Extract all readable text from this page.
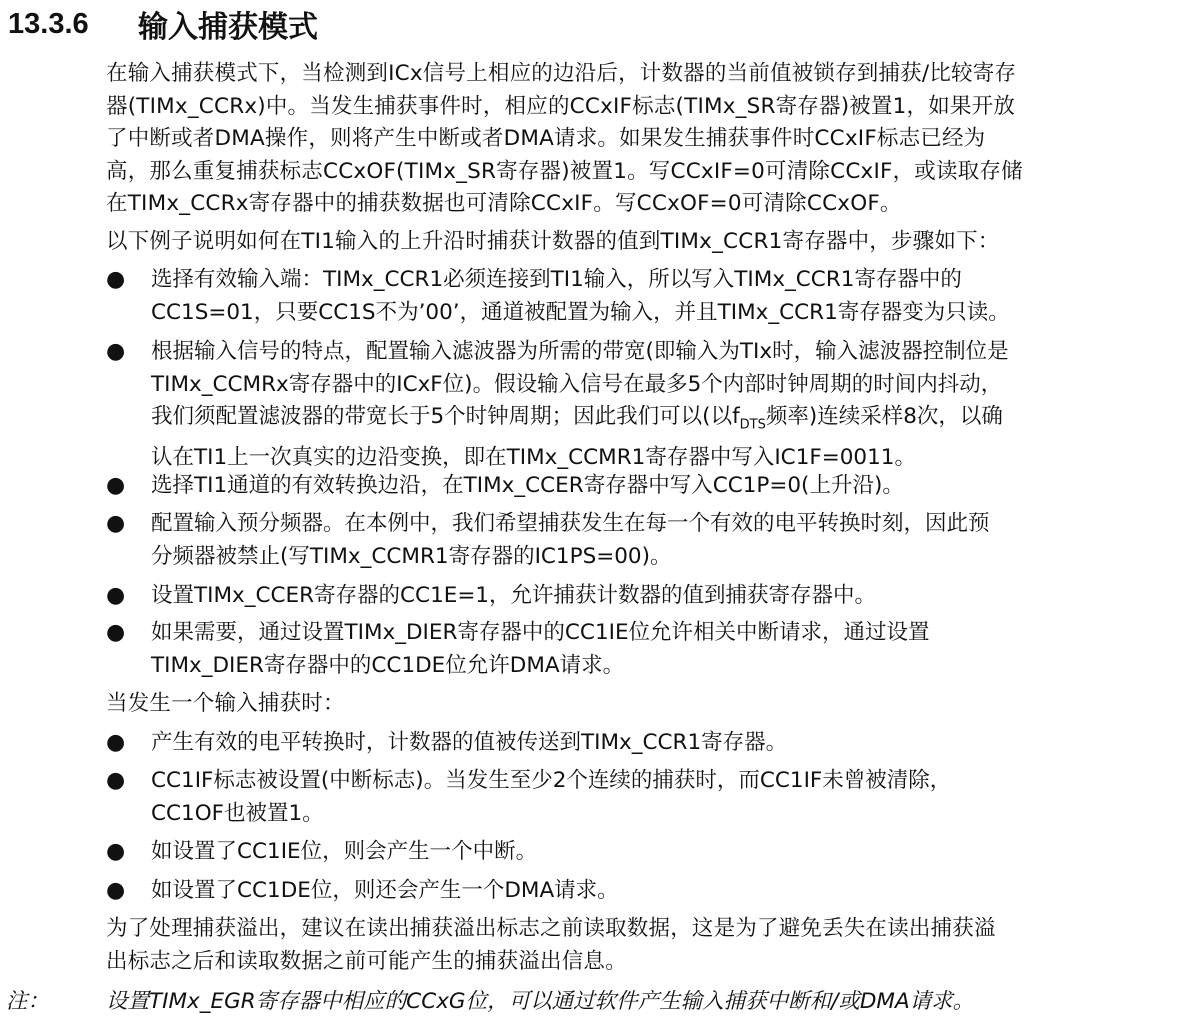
13.3.6	输入捕获模式
在输入捕获模式下，当检测到ICx信号上相应的边沿后，计数器的当前值被锁存到捕获/比较寄存
器(TIMx_CCRx)中。当发生捕获事件时，相应的CCxIF标志(TIMx_SR寄存器)被置1，如果开放
了中断或者DMA操作，则将产生中断或者DMA请求。如果发生捕获事件时CCxIF标志已经为
高，那么重复捕获标志CCxOF(TIMx_SR寄存器)被置1。写CCxIF=0可清除CCxIF，或读取存储
在TIMx_CCRx寄存器中的捕获数据也可清除CCxIF。写CCxOF=0可清除CCxOF。
以下例子说明如何在TI1输入的上升沿时捕获计数器的值到TIMx_CCR1寄存器中，步骤如下：
●	选择有效输入端：TIMx_CCR1必须连接到TI1输入，所以写入TIMx_CCR1寄存器中的
CC1S=01，只要CC1S不为’00’，通道被配置为输入，并且TIMx_CCR1寄存器变为只读。
●	根据输入信号的特点，配置输入滤波器为所需的带宽(即输入为TIx时，输入滤波器控制位是
TIMx_CCMRx寄存器中的ICxF位)。假设输入信号在最多5个内部时钟周期的时间内抖动，
我们须配置滤波器的带宽长于5个时钟周期；因此我们可以(以$f_{DTS}$频率)连续采样8次，以确
认在TI1上一次真实的边沿变换，即在TIMx_CCMR1寄存器中写入IC1F=0011。
●	选择TI1通道的有效转换边沿，在TIMx_CCER寄存器中写入CC1P=0(上升沿)。
●	配置输入预分频器。在本例中，我们希望捕获发生在每一个有效的电平转换时刻，因此预
分频器被禁止(写TIMx_CCMR1寄存器的IC1PS=00)。
●	设置TIMx_CCER寄存器的CC1E=1，允许捕获计数器的值到捕获寄存器中。
●	如果需要，通过设置TIMx_DIER寄存器中的CC1IE位允许相关中断请求，通过设置
TIMx_DIER寄存器中的CC1DE位允许DMA请求。
当发生一个输入捕获时：
●	产生有效的电平转换时，计数器的值被传送到TIMx_CCR1寄存器。
●	CC1IF标志被设置(中断标志)。当发生至少2个连续的捕获时，而CC1IF未曾被清除，
CC1OF也被置1。
●	如设置了CC1IE位，则会产生一个中断。
●	如设置了CC1DE位，则还会产生一个DMA请求。
为了处理捕获溢出，建议在读出捕获溢出标志之前读取数据，这是为了避免丢失在读出捕获溢
出标志之后和读取数据之前可能产生的捕获溢出信息。
注：	设置TIMx_EGR寄存器中相应的CCxG位，可以通过软件产生输入捕获中断和/或DMA请求。
